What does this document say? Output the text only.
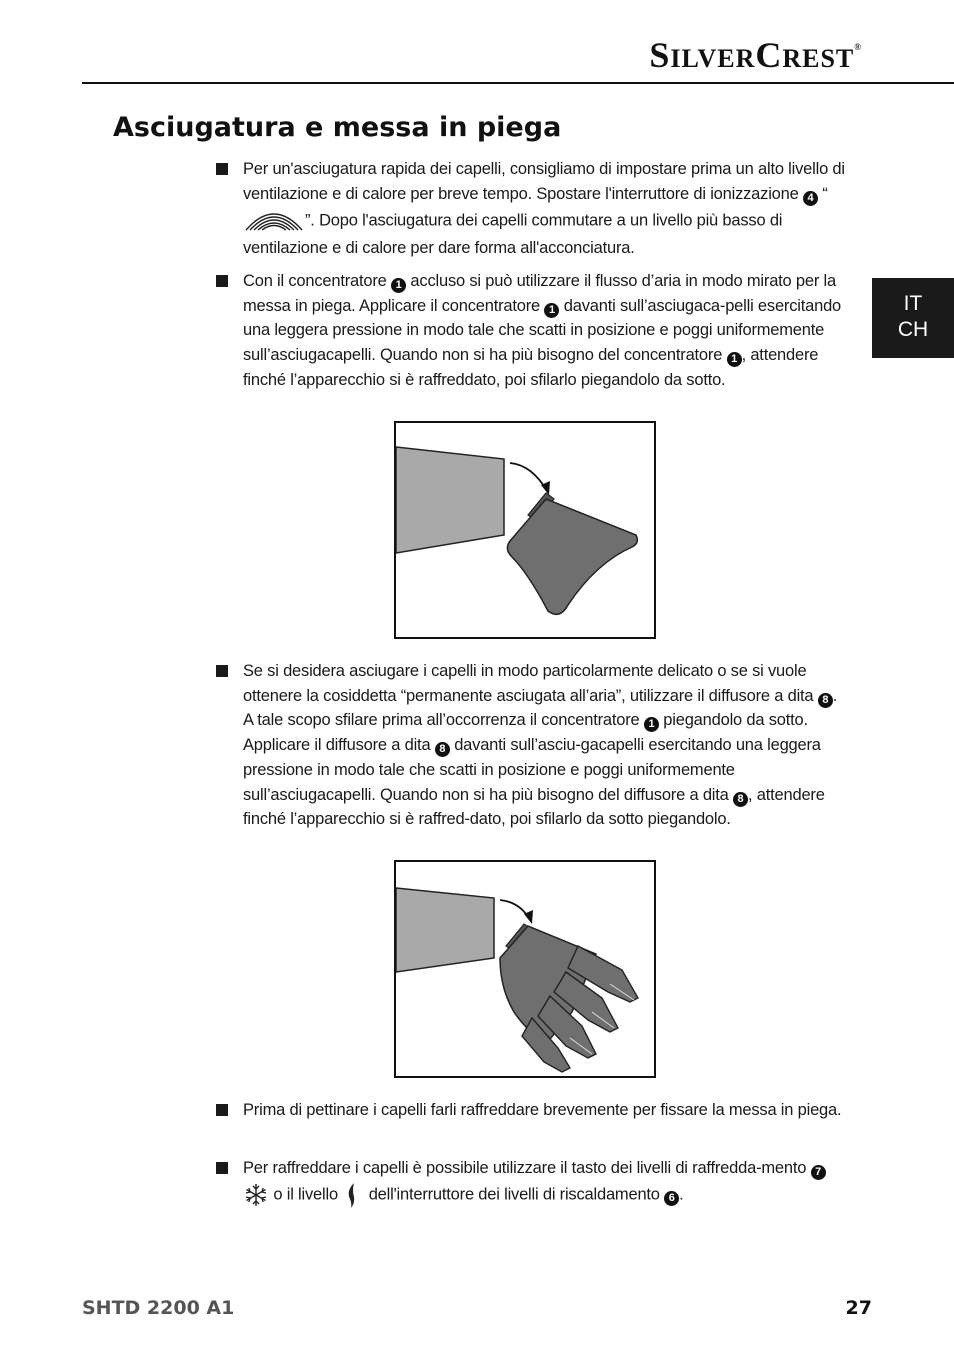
SILVERCREST®
IT
CH
Asciugatura e messa in piega
Per un'asciugatura rapida dei capelli, consigliamo di impostare prima un alto livello di ventilazione e di calore per breve tempo. Spostare l'interruttore di ionizzazione 4 “”. Dopo l'asciugatura dei capelli commutare a un livello più basso di ventilazione e di calore per dare forma all'acconciatura.
Con il concentratore 1 accluso si può utilizzare il flusso d’aria in modo mirato per la messa in piega. Applicare il concentratore 1 davanti sull’asciugaca-pelli esercitando una leggera pressione in modo tale che scatti in posizione e poggi uniformemente sull’asciugacapelli. Quando non si ha più bisogno del concentratore 1 , attendere finché l’apparecchio si è raffreddato, poi sfilarlo piegandolo da sotto.
Se si desidera asciugare i capelli in modo particolarmente delicato o se si vuole ottenere la cosiddetta “permanente asciugata all’aria”, utilizzare il diffusore a dita 8 . A tale scopo sfilare prima all’occorrenza il concentratore 1 piegandolo da sotto. Applicare il diffusore a dita 8 davanti sull’asciu-gacapelli esercitando una leggera pressione in modo tale che scatti in posizione e poggi uniformemente sull’asciugacapelli. Quando non si ha più bisogno del diffusore a dita 8 , attendere finché l’apparecchio si è raffred-dato, poi sfilarlo da sotto piegandolo.
Prima di pettinare i capelli farli raffreddare brevemente per fissare la messa in piega.
Per raffreddare i capelli è possibile utilizzare il tasto dei livelli di raffredda-mento 7  o il livello  dell'interruttore dei livelli di riscaldamento 6 .
SHTD 2200 A1	27
